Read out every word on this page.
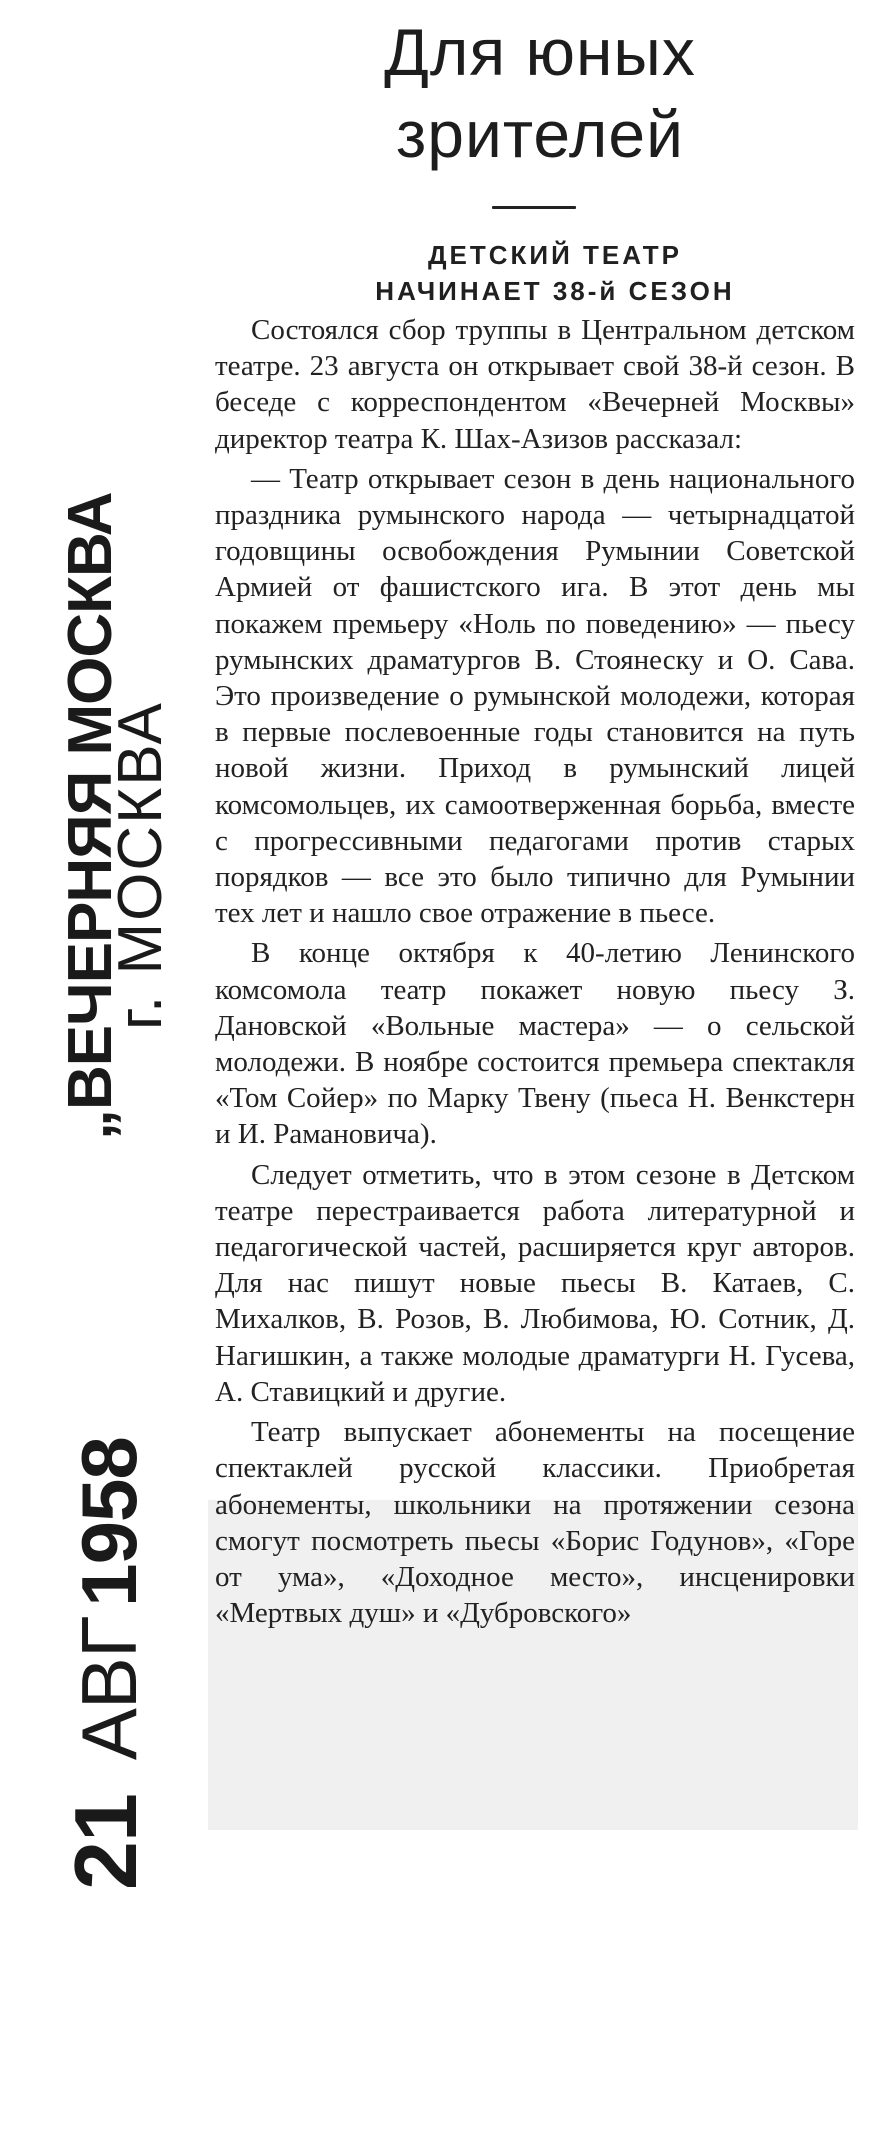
„ВЕЧЕРНЯЯ МОСКВА
г. МОСКВА
21АВГ1958
Для юных
зрителей
ДЕТСКИЙ ТЕАТР
НАЧИНАЕТ 38-й СЕЗОН

Состоялся сбор труппы в Центральном детском театре. 23 августа он открывает свой 38-й сезон. В беседе с корреспондентом «Вечерней Москвы» директор театра К. Шах-Азизов рассказал:

— Театр открывает сезон в день национального праздника румынского народа — четырнадцатой годовщины освобождения Румынии Советской Армией от фашистского ига. В этот день мы покажем премьеру «Ноль по поведению» — пьесу румынских драматургов В. Стоянеску и О. Сава. Это произведение о румынской молодежи, которая в первые послевоенные годы становится на путь новой жизни. Приход в румынский лицей комсомольцев, их самоотверженная борьба, вместе с прогрессивными педагогами против старых порядков — все это было типично для Румынии тех лет и нашло свое отражение в пьесе.

В конце октября к 40-летию Ленинского комсомола театр покажет новую пьесу З. Дановской «Вольные мастера» — о сельской молодежи. В ноябре состоится премьера спектакля «Том Сойер» по Марку Твену (пьеса Н. Венкстерн и И. Рамановича).

Следует отметить, что в этом сезоне в Детском театре перестраивается работа литературной и педагогической частей, расширяется круг авторов. Для нас пишут новые пьесы В. Катаев, С. Михалков, В. Розов, В. Любимова, Ю. Сотник, Д. Нагишкин, а также молодые драматурги Н. Гусева, А. Ставицкий и другие.

Театр выпускает абонементы на посещение спектаклей русской классики. Приобретая абонементы, школьники на протяжении сезона смогут посмотреть пьесы «Борис Годунов», «Горе от ума», «Доходное место», инсценировки «Мертвых душ» и «Дубровского»
